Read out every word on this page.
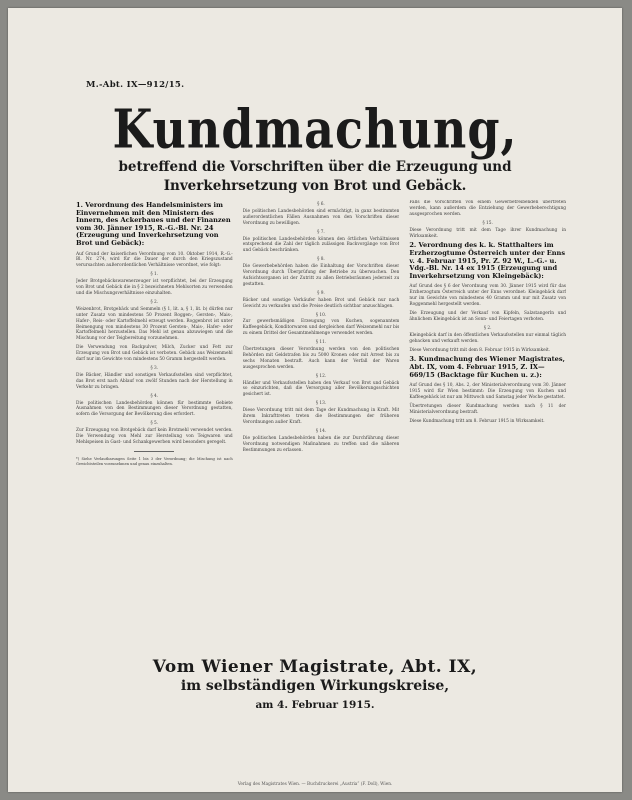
M.-Abt. IX—912/15.
Kundmachung,
betreffend die Vorschriften über die Erzeugung und Inverkehrsetzung von Brot und Gebäck.
1. Verordnung des Handelsministers im Einvernehmen mit den Ministern des Innern, des Ackerbaues und der Finanzen vom 30. Jänner 1915, R.-G.-Bl. Nr. 24 (Erzeugung und Inverkehrsetzung von Brot und Gebäck):

Auf Grund der kaiserlichen Verordnung vom 10. Oktober 1914, R.-G.-Bl. Nr. 274, wird für die Dauer der durch den Kriegszustand verursachten außerordentlichen Verhältnisse verordnet, wie folgt:

§ 1.

Jeder Brotgebäckswarenerzeuger ist verpflichtet, bei der Erzeugung von Brot und Gebäck die in § 2 bezeichneten Mehlsorten zu verwenden und die Mischungsverhältnisse einzuhalten.

§ 2.

Weizenbrot, Brotgebäck und Semmeln (§ 1, lit. a, § 1, lit. b) dürfen nur unter Zusatz von mindestens 50 Prozent Roggen-, Gersten-, Mais-, Hafer-, Reis- oder Kartoffelmehl erzeugt werden. Roggenbrot ist unter Beimengung von mindestens 30 Prozent Gersten-, Mais-, Hafer- oder Kartoffelmehl herzustellen. Das Mehl ist genau abzuwiegen und die Mischung vor der Teigbereitung vorzunehmen.

Die Verwendung von Backpulver, Milch, Zucker und Fett zur Erzeugung von Brot und Gebäck ist verboten. Gebäck aus Weizenmehl darf nur im Gewichte von mindestens 50 Gramm hergestellt werden.

§ 3.

Die Bäcker, Händler und sonstigen Verkaufsstellen sind verpflichtet, das Brot erst nach Ablauf von zwölf Stunden nach der Herstellung in Verkehr zu bringen.

§ 4.

Die politischen Landesbehörden können für bestimmte Gebiete Ausnahmen von den Bestimmungen dieser Verordnung gestatten, sofern die Versorgung der Bevölkerung dies erfordert.

§ 5.

Zur Erzeugung von Brotgebäck darf kein Brotmehl verwendet werden. Die Verwendung von Mehl zur Herstellung von Teigwaren und Mehlspeisen in Gast- und Schankgewerben wird besonders geregelt.

*) Siehe Verlautbarungen Seite 1 bis 3 der Verordnung; die Mischung ist nach Gewichtsteilen vorzunehmen und genau einzuhalten.

§ 6.

Die politischen Landesbehörden sind ermächtigt, in ganz bestimmten außerordentlichen Fällen Ausnahmen von den Vorschriften dieser Verordnung zu bewilligen.

§ 7.

Die politischen Landesbehörden können den örtlichen Verhältnissen entsprechend die Zahl der täglich zulässigen Backvorgänge von Brot und Gebäck beschränken.

§ 8.

Die Gewerbebehörden haben die Einhaltung der Vorschriften dieser Verordnung durch Überprüfung der Betriebe zu überwachen. Den Aufsichtsorganen ist der Zutritt zu allen Betriebsräumen jederzeit zu gestatten.

§ 9.

Bäcker und sonstige Verkäufer haben Brot und Gebäck nur nach Gewicht zu verkaufen und die Preise deutlich sichtbar anzuschlagen.

§ 10.

Zur gewerbsmäßigen Erzeugung von Kuchen, sogenanntem Kaffeegebäck, Konditorwaren und dergleichen darf Weizenmehl nur bis zu einem Drittel der Gesamtmehlmenge verwendet werden.

§ 11.

Übertretungen dieser Verordnung werden von den politischen Behörden mit Geldstrafen bis zu 5000 Kronen oder mit Arrest bis zu sechs Monaten bestraft. Auch kann der Verfall der Waren ausgesprochen werden.

§ 12.

Händler und Verkaufsstellen haben den Verkauf von Brot und Gebäck so einzurichten, daß die Versorgung aller Bevölkerungsschichten gesichert ist.

§ 13.

Diese Verordnung tritt mit dem Tage der Kundmachung in Kraft. Mit ihrem Inkrafttreten treten die Bestimmungen der früheren Verordnungen außer Kraft.

§ 14.

Die politischen Landesbehörden haben die zur Durchführung dieser Verordnung notwendigen Maßnahmen zu treffen und die näheren Bestimmungen zu erlassen.

Falls die Vorschriften von einem Gewerbetreibenden übertreten werden, kann außerdem die Entziehung der Gewerbeberechtigung ausgesprochen werden.

§ 15.

Diese Verordnung tritt mit dem Tage ihrer Kundmachung in Wirksamkeit.

2. Verordnung des k. k. Statthalters im Erzherzogtume Österreich unter der Enns v. 4. Februar 1915, Pr. Z. 92 W., L.-G.- u. Vdg.-Bl. Nr. 14 ex 1915 (Erzeugung und Inverkehrsetzung von Kleingebäck):

Auf Grund des § 6 der Verordnung vom 30. Jänner 1915 wird für das Erzherzogtum Österreich unter der Enns verordnet: Kleingebäck darf nur im Gewichte von mindestens 40 Gramm und nur mit Zusatz von Roggenmehl hergestellt werden.

Die Erzeugung und der Verkauf von Kipfeln, Salzstangerln und ähnlichem Kleingebäck ist an Sonn- und Feiertagen verboten.

§ 2.

Kleingebäck darf in den öffentlichen Verkaufsstellen nur einmal täglich gebacken und verkauft werden.

Diese Verordnung tritt mit dem 8. Februar 1915 in Wirksamkeit.

3. Kundmachung des Wiener Magistrates, Abt. IX, vom 4. Februar 1915, Z. IX—669/15 (Backtage für Kuchen u. z.):

Auf Grund des § 10, Abs. 2, der Ministerialverordnung vom 30. Jänner 1915 wird für Wien bestimmt: Die Erzeugung von Kuchen und Kaffeegebäck ist nur am Mittwoch und Samstag jeder Woche gestattet.

Übertretungen dieser Kundmachung werden nach § 11 der Ministerialverordnung bestraft.

Diese Kundmachung tritt am 8. Februar 1915 in Wirksamkeit.

Vom Wiener Magistrate, Abt. IX,
im selbständigen Wirkungskreise,
am 4. Februar 1915.
Verlag des Magistrates Wien. — Buchdruckerei „Austria“ (F. Doll), Wien.
